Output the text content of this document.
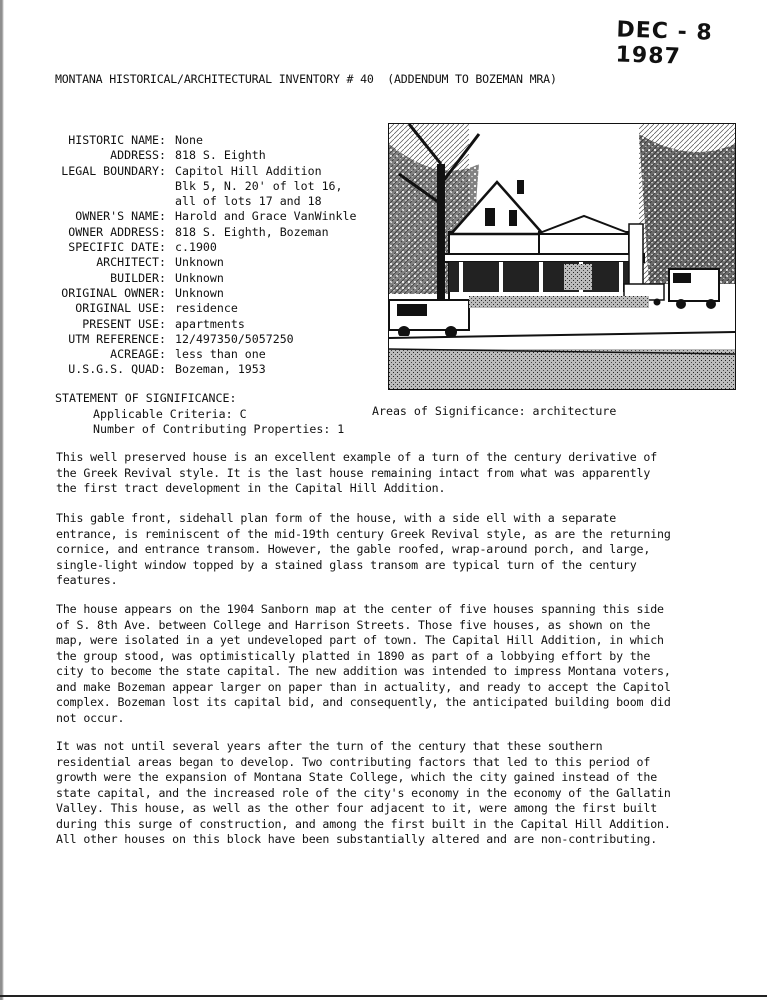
DEC - 8 1987
MONTANA HISTORICAL/ARCHITECTURAL INVENTORY # 40 (ADDENDUM TO BOZEMAN MRA)
HISTORIC NAME: None
ADDRESS: 818 S. Eighth
LEGAL BOUNDARY: Capitol Hill Addition
Blk 5, N. 20' of lot 16,
all of lots 17 and 18
OWNER'S NAME: Harold and Grace VanWinkle
OWNER ADDRESS: 818 S. Eighth, Bozeman
SPECIFIC DATE: c.1900
ARCHITECT: Unknown
BUILDER: Unknown
ORIGINAL OWNER: Unknown
ORIGINAL USE: residence
PRESENT USE: apartments
UTM REFERENCE: 12/497350/5057250
ACREAGE: less than one
U.S.G.S. QUAD: Bozeman, 1953
STATEMENT OF SIGNIFICANCE:
Applicable Criteria: C
Number of Contributing Properties: 1
Areas of Significance: architecture
This well preserved house is an excellent example of a turn of the century derivative of
the Greek Revival style. It is the last house remaining intact from what was apparently
the first tract development in the Capital Hill Addition.
This gable front, sidehall plan form of the house, with a side ell with a separate
entrance, is reminiscent of the mid-19th century Greek Revival style, as are the returning
cornice, and entrance transom. However, the gable roofed, wrap-around porch, and large,
single-light window topped by a stained glass transom are typical turn of the century
features.
The house appears on the 1904 Sanborn map at the center of five houses spanning this side
of S. 8th Ave. between College and Harrison Streets. Those five houses, as shown on the
map, were isolated in a yet undeveloped part of town. The Capital Hill Addition, in which
the group stood, was optimistically platted in 1890 as part of a lobbying effort by the
city to become the state capital. The new addition was intended to impress Montana voters,
and make Bozeman appear larger on paper than in actuality, and ready to accept the Capitol
complex. Bozeman lost its capital bid, and consequently, the anticipated building boom did
not occur.
It was not until several years after the turn of the century that these southern
residential areas began to develop. Two contributing factors that led to this period of
growth were the expansion of Montana State College, which the city gained instead of the
state capital, and the increased role of the city's economy in the economy of the Gallatin
Valley. This house, as well as the other four adjacent to it, were among the first built
during this surge of construction, and among the first built in the Capital Hill Addition.
All other houses on this block have been substantially altered and are non-contributing.
